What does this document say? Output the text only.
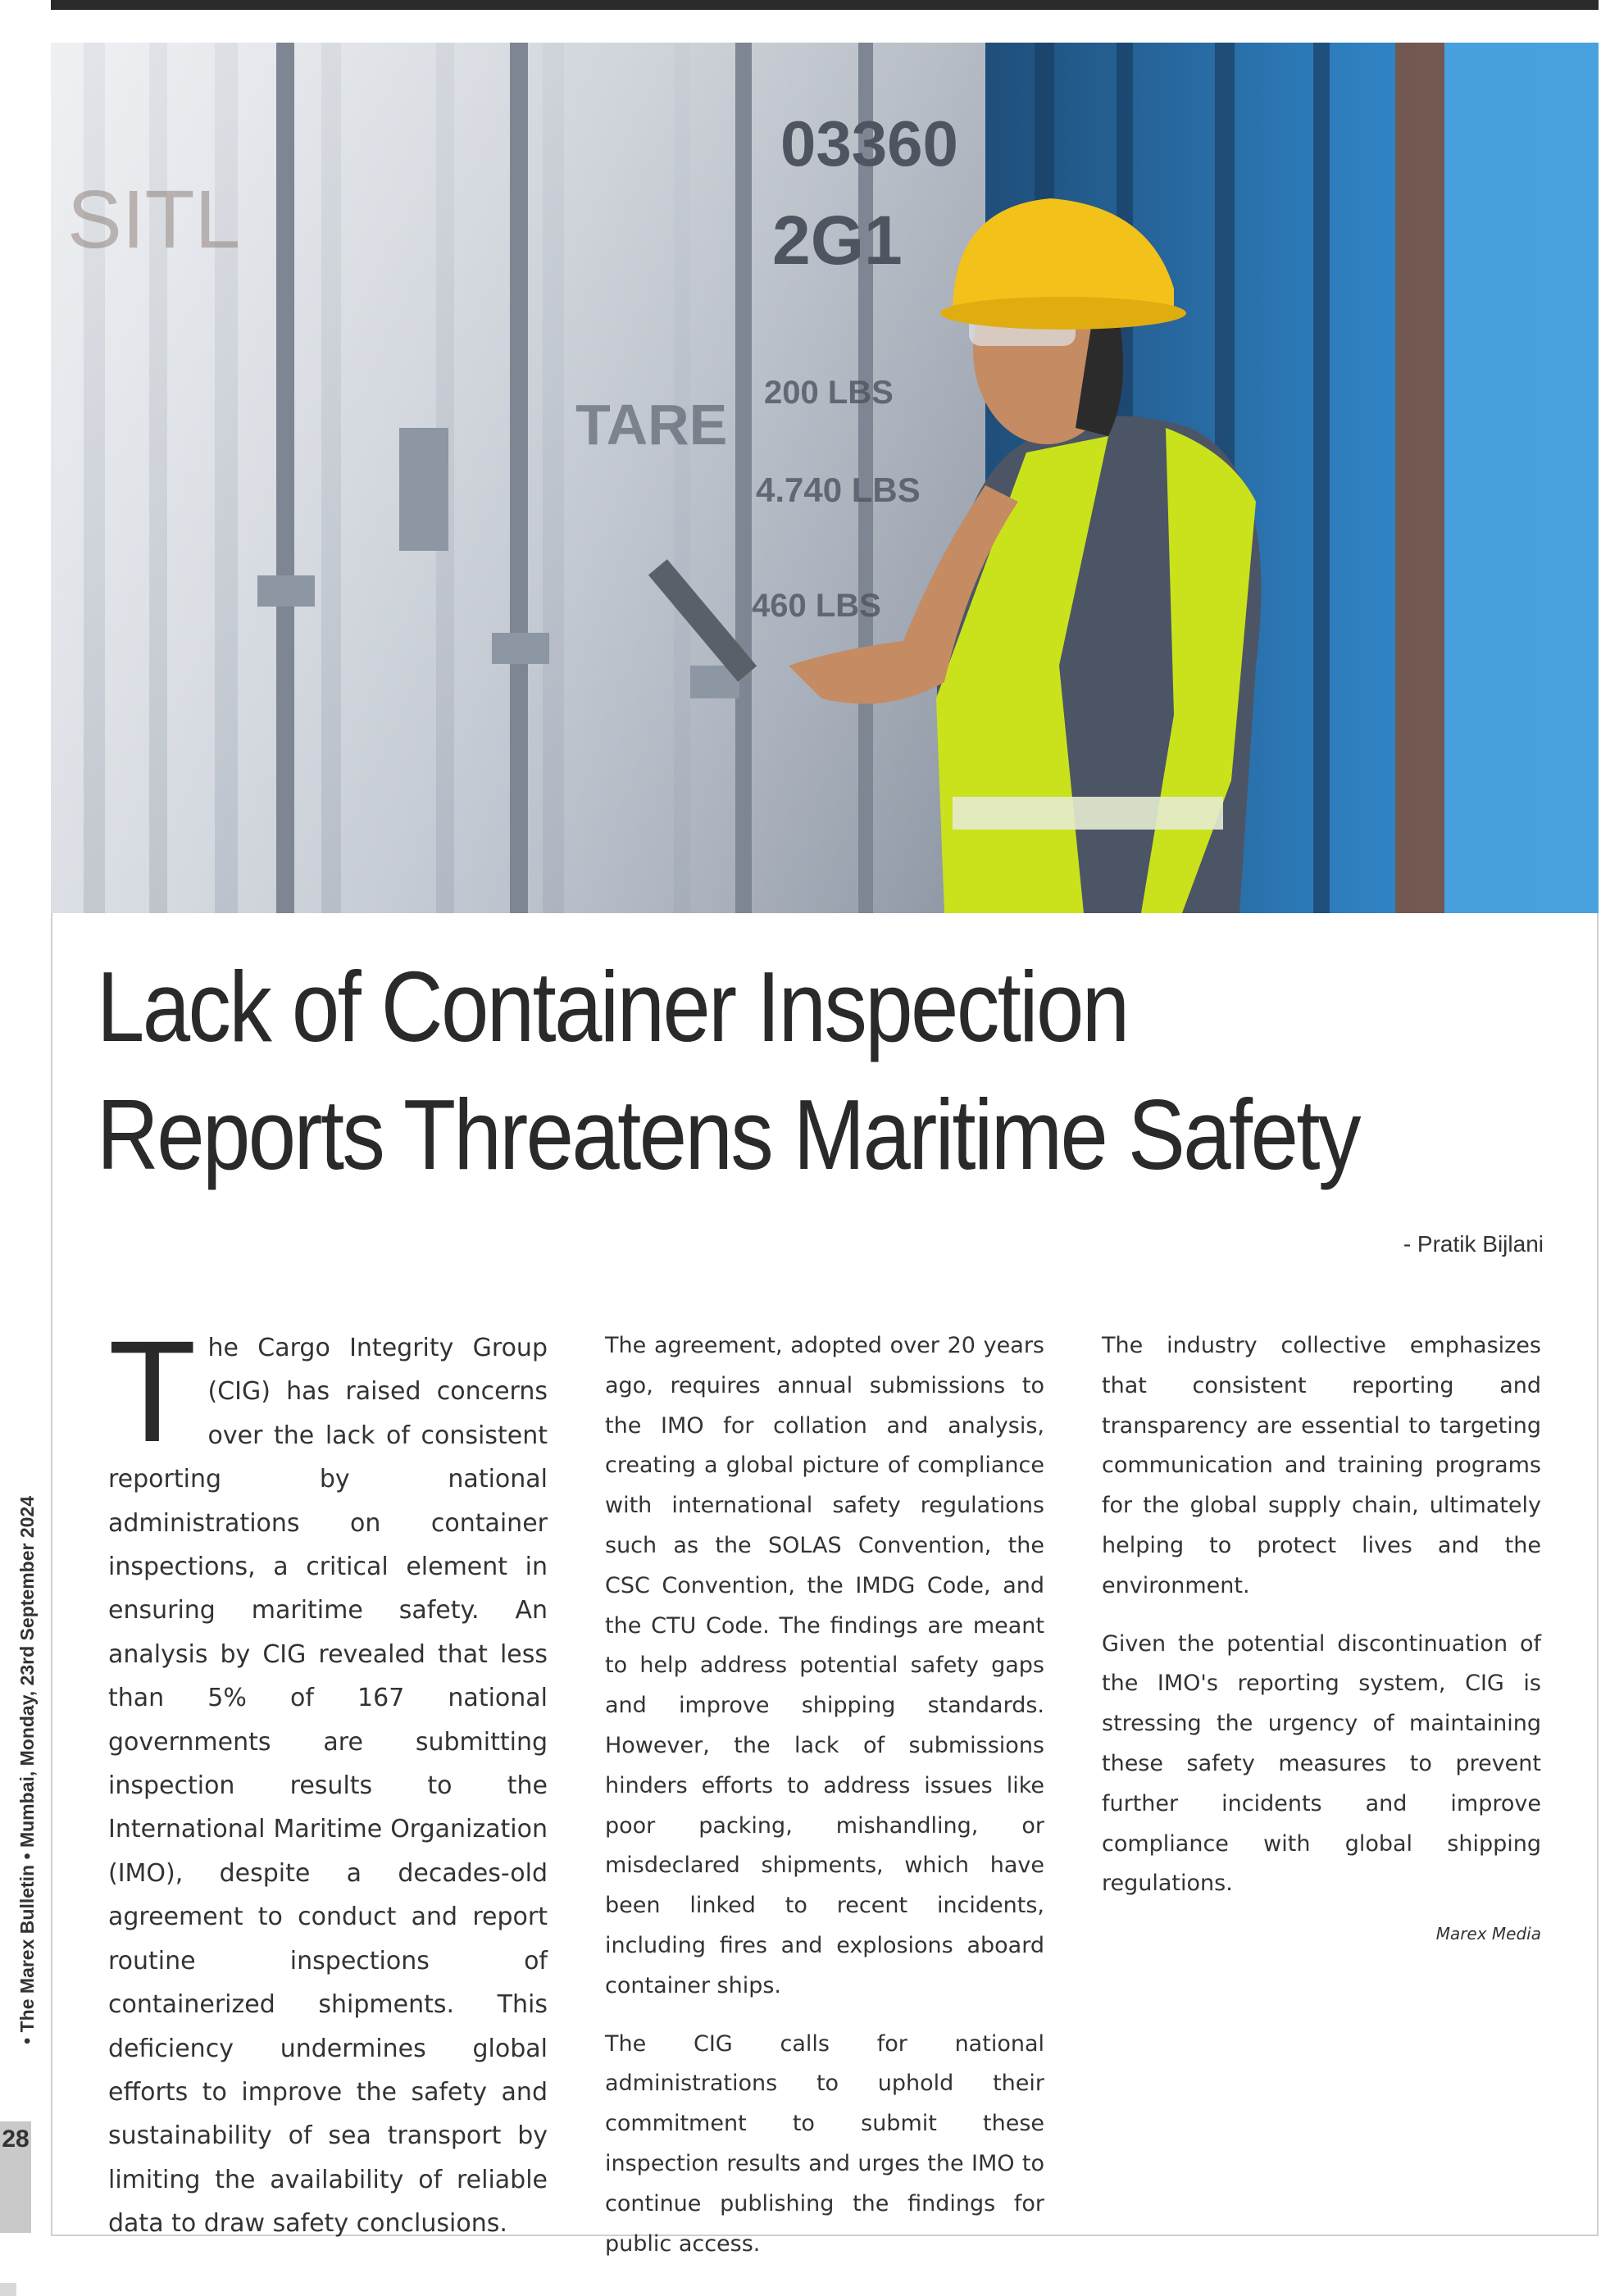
03360
2G1
TARE 200 LBS
4.740 LBS
460 LBS
SITL
• The Marex Bulletin • Mumbai, Monday, 23rd September 2024
28
Lack of Container Inspection Reports Threatens Maritime Safety
- Pratik Bijlani

The Cargo Integrity Group (CIG) has raised concerns over the lack of consistent reporting by national administrations on container inspections, a critical element in ensuring maritime safety. An analysis by CIG revealed that less than 5% of 167 national governments are submitting inspection results to the International Maritime Organization (IMO), despite a decades-old agreement to conduct and report routine inspections of containerized shipments. This deficiency undermines global efforts to improve the safety and sustainability of sea transport by limiting the availability of reliable data to draw safety conclusions.

The agreement, adopted over 20 years ago, requires annual submissions to the IMO for collation and analysis, creating a global picture of compliance with international safety regulations such as the SOLAS Convention, the CSC Convention, the IMDG Code, and the CTU Code. The findings are meant to help address potential safety gaps and improve shipping standards. However, the lack of submissions hinders efforts to address issues like poor packing, mishandling, or misdeclared shipments, which have been linked to recent incidents, including fires and explosions aboard container ships.

The CIG calls for national administrations to uphold their commitment to submit these inspection results and urges the IMO to continue publishing the findings for public access.

The industry collective emphasizes that consistent reporting and transparency are essential to targeting communication and training programs for the global supply chain, ultimately helping to protect lives and the environment.

Given the potential discontinuation of the IMO's reporting system, CIG is stressing the urgency of maintaining these safety measures to prevent further incidents and improve compliance with global shipping regulations.

Marex Media
